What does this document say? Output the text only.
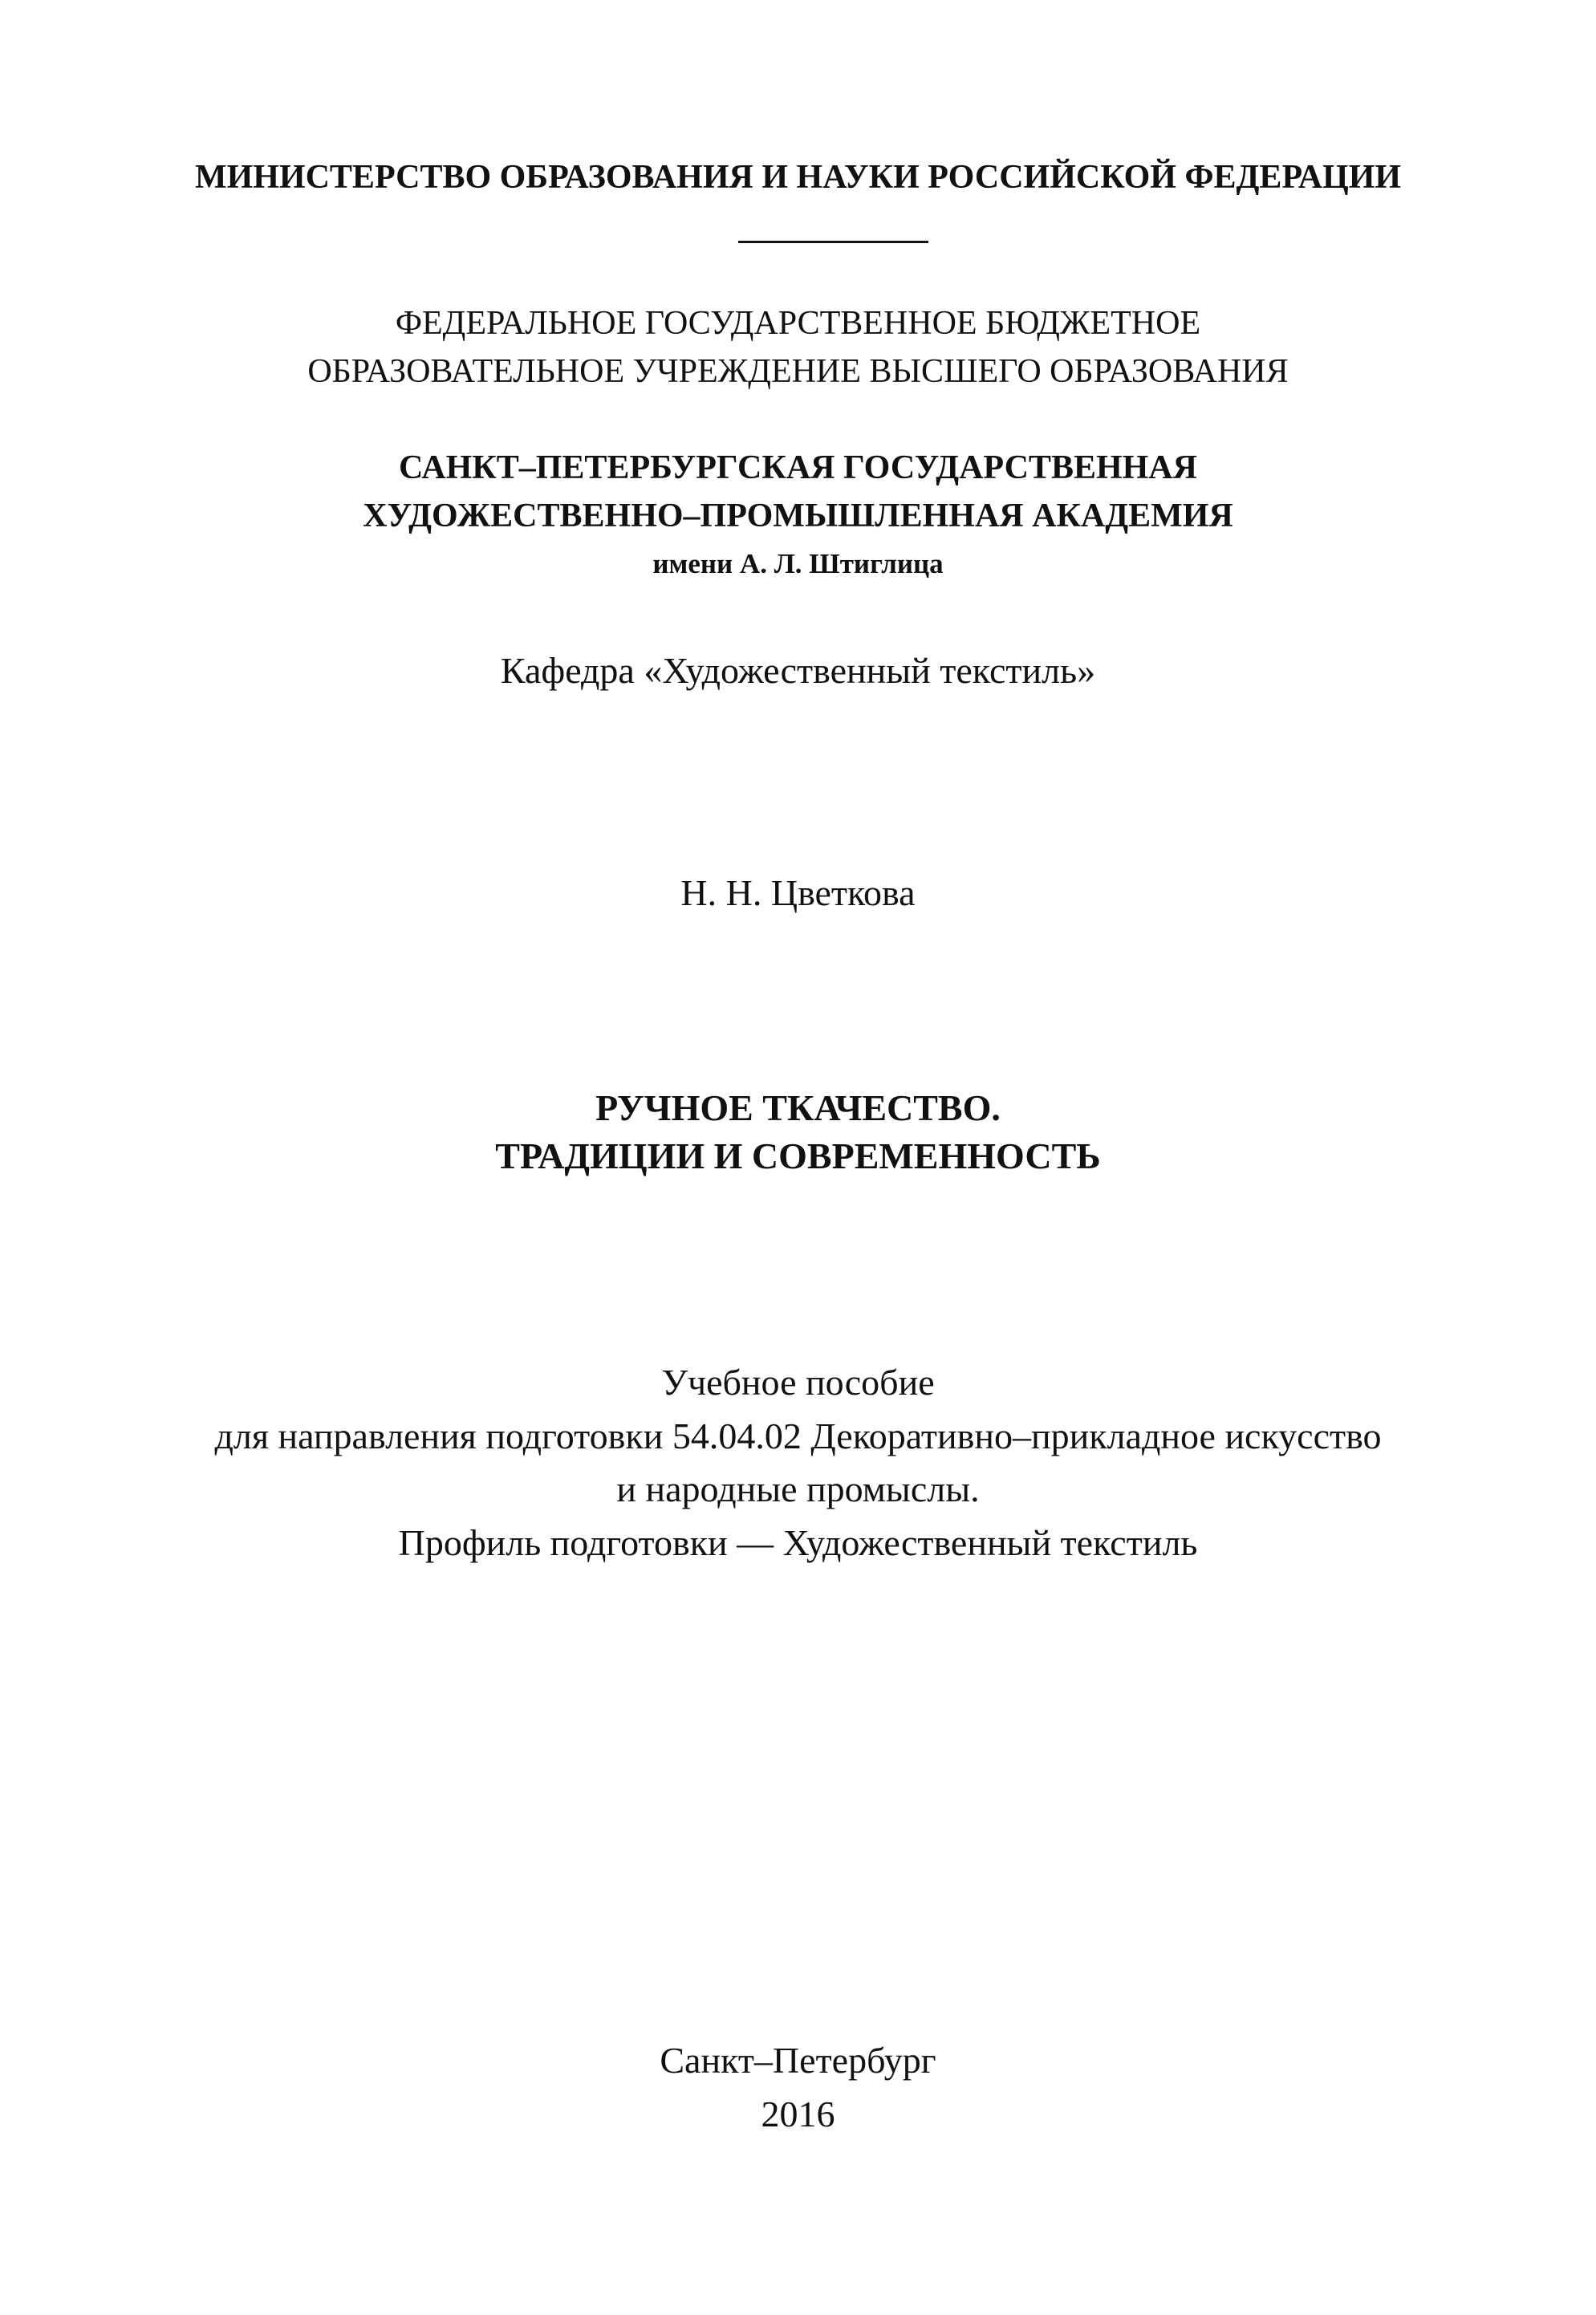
МИНИСТЕРСТВО ОБРАЗОВАНИЯ И НАУКИ РОССИЙСКОЙ ФЕДЕРАЦИИ
ФЕДЕРАЛЬНОЕ ГОСУДАРСТВЕННОЕ БЮДЖЕТНОЕ
ОБРАЗОВАТЕЛЬНОЕ УЧРЕЖДЕНИЕ ВЫСШЕГО ОБРАЗОВАНИЯ
САНКТ–ПЕТЕРБУРГСКАЯ ГОСУДАРСТВЕННАЯ
ХУДОЖЕСТВЕННО–ПРОМЫШЛЕННАЯ АКАДЕМИЯ
имени А. Л. Штиглица
Кафедра «Художественный текстиль»
Н. Н. Цветкова
РУЧНОЕ ТКАЧЕСТВО.
ТРАДИЦИИ И СОВРЕМЕННОСТЬ
Учебное пособие
для направления подготовки 54.04.02 Декоративно–прикладное искусство
и народные промыслы.
Профиль подготовки — Художественный текстиль
Санкт–Петербург
2016
